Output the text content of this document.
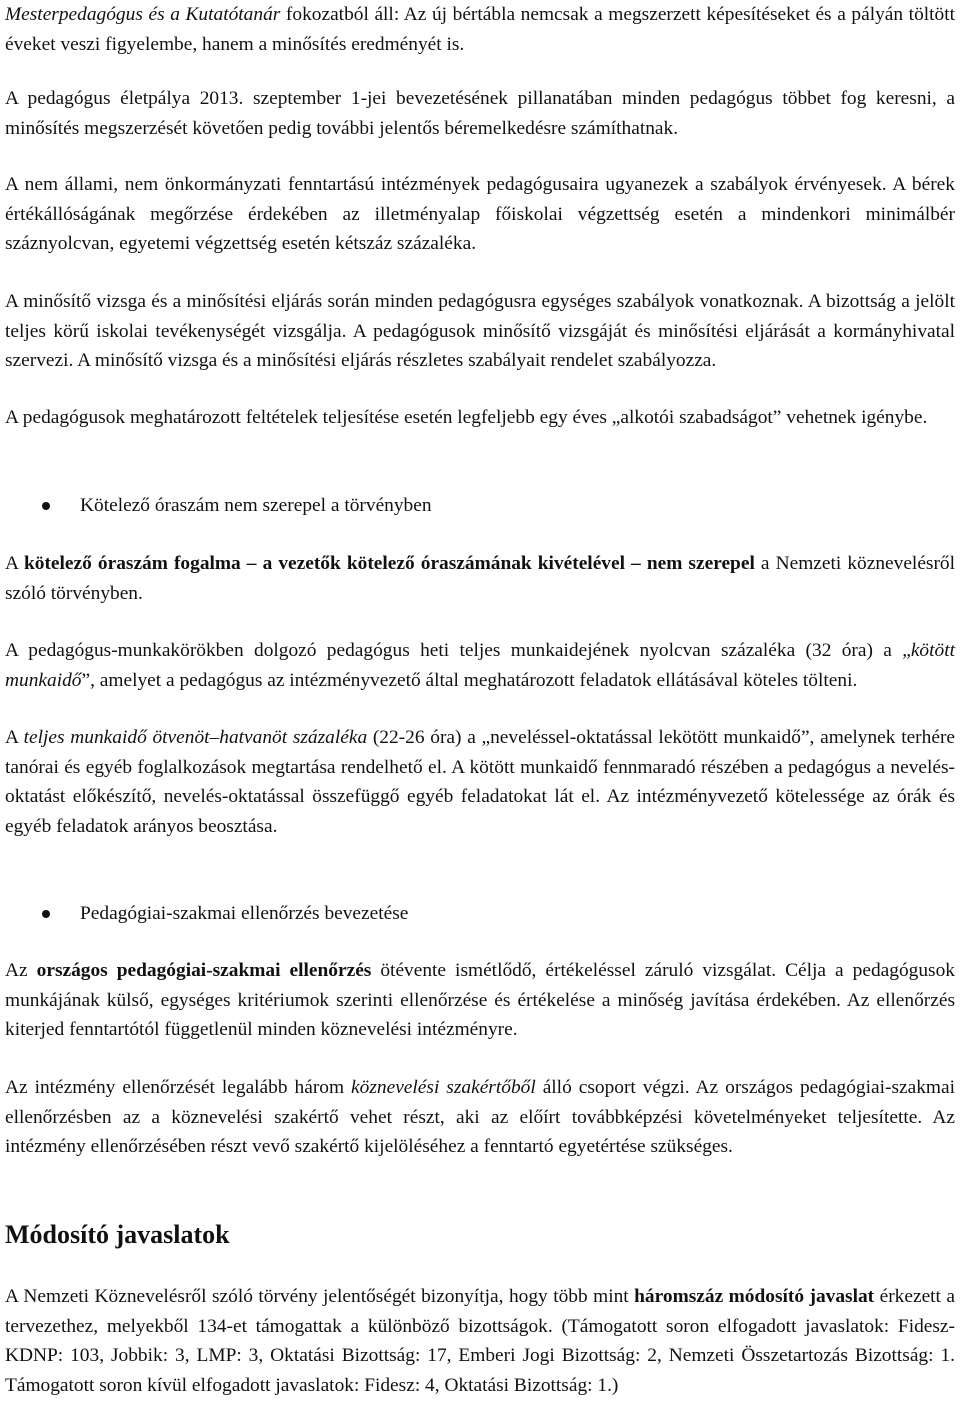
Mesterpedagógus és a Kutatótanár fokozatból áll: Az új bértábla nemcsak a megszerzett képesítéseket és a pályán töltött éveket veszi figyelembe, hanem a minősítés eredményét is.

A pedagógus életpálya 2013. szeptember 1-jei bevezetésének pillanatában minden pedagógus többet fog keresni, a minősítés megszerzését követően pedig további jelentős béremelkedésre számíthatnak.

A nem állami, nem önkormányzati fenntartású intézmények pedagógusaira ugyanezek a szabályok érvényesek. A bérek értékállóságának megőrzése érdekében az illetményalap főiskolai végzettség esetén a mindenkori minimálbér száznyolcvan, egyetemi végzettség esetén kétszáz százaléka.

A minősítő vizsga és a minősítési eljárás során minden pedagógusra egységes szabályok vonatkoznak. A bizottság a jelölt teljes körű iskolai tevékenységét vizsgálja. A pedagógusok minősítő vizsgáját és minősítési eljárását a kormányhivatal szervezi. A minősítő vizsga és a minősítési eljárás részletes szabályait rendelet szabályozza.

A pedagógusok meghatározott feltételek teljesítése esetén legfeljebb egy éves „alkotói szabadságot” vehetnek igénybe.

Kötelező óraszám nem szerepel a törvényben

A kötelező óraszám fogalma – a vezetők kötelező óraszámának kivételével – nem szerepel a Nemzeti köznevelésről szóló törvényben.

A pedagógus-munkakörökben dolgozó pedagógus heti teljes munkaidejének nyolcvan százaléka (32 óra) a „kötött munkaidő”, amelyet a pedagógus az intézményvezető által meghatározott feladatok ellátásával köteles tölteni.

A teljes munkaidő ötvenöt–hatvanöt százaléka (22-26 óra) a „neveléssel-oktatással lekötött munkaidő”, amelynek terhére tanórai és egyéb foglalkozások megtartása rendelhető el. A kötött munkaidő fennmaradó részében a pedagógus a nevelés-oktatást előkészítő, nevelés-oktatással összefüggő egyéb feladatokat lát el. Az intézményvezető kötelessége az órák és egyéb feladatok arányos beosztása.

Pedagógiai-szakmai ellenőrzés bevezetése

Az országos pedagógiai-szakmai ellenőrzés ötévente ismétlődő, értékeléssel záruló vizsgálat. Célja a pedagógusok munkájának külső, egységes kritériumok szerinti ellenőrzése és értékelése a minőség javítása érdekében. Az ellenőrzés kiterjed fenntartótól függetlenül minden köznevelési intézményre.

Az intézmény ellenőrzését legalább három köznevelési szakértőből álló csoport végzi. Az országos pedagógiai-szakmai ellenőrzésben az a köznevelési szakértő vehet részt, aki az előírt továbbképzési követelményeket teljesítette. Az intézmény ellenőrzésében részt vevő szakértő kijelöléséhez a fenntartó egyetértése szükséges.

Módosító javaslatok

A Nemzeti Köznevelésről szóló törvény jelentőségét bizonyítja, hogy több mint háromszáz módosító javaslat érkezett a tervezethez, melyekből 134-et támogattak a különböző bizottságok. (Támogatott soron elfogadott javaslatok: Fidesz-KDNP: 103, Jobbik: 3, LMP: 3, Oktatási Bizottság: 17, Emberi Jogi Bizottság: 2, Nemzeti Összetartozás Bizottság: 1. Támogatott soron kívül elfogadott javaslatok: Fidesz: 4, Oktatási Bizottság: 1.)
